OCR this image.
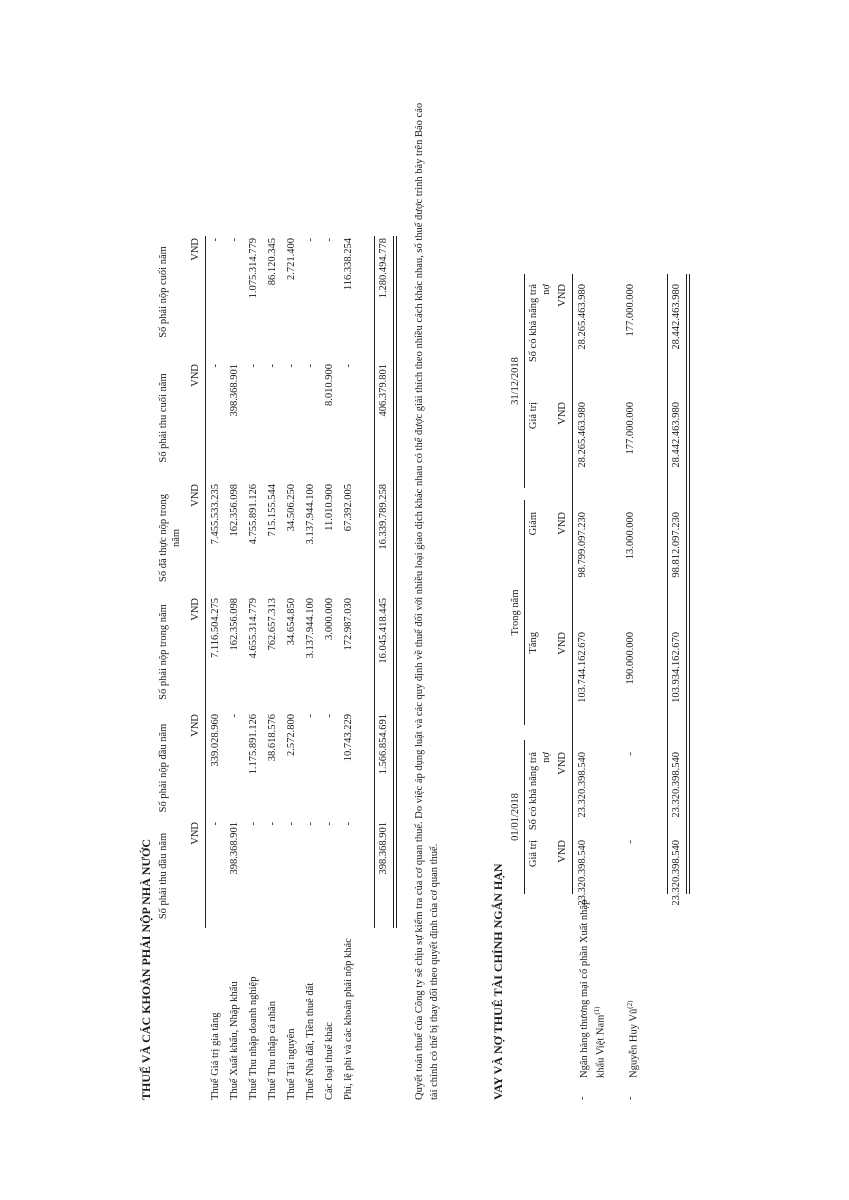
THUẾ VÀ CÁC KHOẢN PHẢI NỘP NHÀ NƯỚC Số phải thu đầu năm VND
Số phải nộp đầu năm VND
Số phải nộp trong năm VND
Số đã thực nộp trong năm
VND
Số phải thu cuối năm VND
Số phải nộp cuối năm VND
Thuế Giá trị gia tăng
-
339.028.960
7.116.504.275
7.455.533.235
-
-
Thuế Xuất khẩu, Nhập khẩu
398.368.901
-
162.356.098
162.356.098
398.368.901
-
Thuế Thu nhập doanh nghiệp
-
1.175.891.126
4.655.314.779
4.755.891.126
-
1.075.314.779
Thuế Thu nhập cá nhân
-
38.618.576
762.657.313
715.155.544
-
86.120.345
Thuế Tài nguyên
-
2.572.800
34.654.850
34.506.250
-
2.721.400
Thuế Nhà đất, Tiền thuê đất
-
-
3.137.944.100
3.137.944.100
-
-
Các loại thuế khác
-
-
3.000.000
11.010.900
8.010.900
-
Phí, lệ phí và các khoản phải nộp khác
-
10.743.229
172.987.030
67.392.005
-
116.338.254
398.368.901
1.566.854.691
16.045.418.445
16.339.789.258
406.379.801
1.280.494.778 Quyết toán thuế của Công ty sẽ chịu sự kiểm tra của cơ quan thuế. Do việc áp dụng luật và các quy định về thuế đối với nhiều loại giao dịch khác nhau có thể được giải thích theo nhiều cách khác nhau, số thuế được trình bày trên Báo cáo tài chính có thể bị thay đổi theo quyết định của cơ quan thuế.	VAY VÀ NỢ THUÊ TÀI CHÍNH NGẮN HẠN
01/01/2018
Trong năm
31/12/2018
Giá trị VND
Số có khả năng trả nợ VND
Tăng VND
Giảm VND
Giá trị VND
Số có khả năng trả nợ VND
-
Ngân hàng thương mại cổ phần Xuất nhập khẩu Việt Nam$^{(1)}$
23.320.398.540
23.320.398.540
103.744.162.670
98.799.097.230
28.265.463.980
28.265.463.980
-
Nguyễn Huy $Vũ^{(2)}$
-
-
190.000.000
13.000.000
177.000.000
177.000.000
23.320.398.540
23.320.398.540
103.934.162.670
98.812.097.230
28.442.463.980
28.442.463.980
